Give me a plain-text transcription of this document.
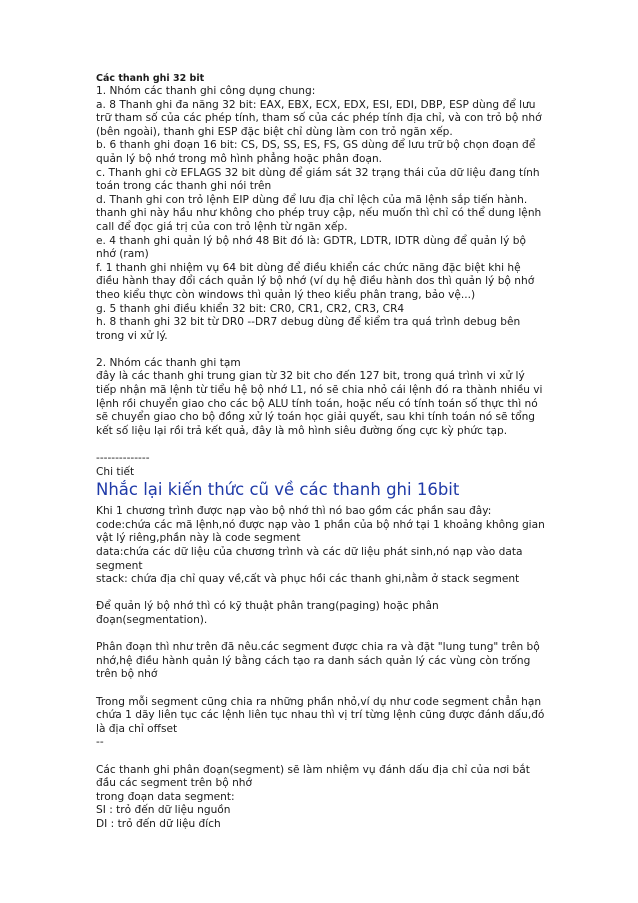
Các thanh ghi 32 bit
1. Nhóm các thanh ghi công dụng chung:
a. 8 Thanh ghi đa năng 32 bit: EAX, EBX, ECX, EDX, ESI, EDI, DBP, ESP dùng để lưu trữ tham số của các phép tính, tham số của các phép tính địa chỉ, và con trỏ bộ nhớ (bên ngoài), thanh ghi ESP đặc biệt chỉ dùng làm con trỏ ngăn xếp.
b. 6 thanh ghi đoạn 16 bit: CS, DS, SS, ES, FS, GS dùng để lưu trữ bộ chọn đoạn để quản lý bộ nhớ trong mô hình phẳng hoặc phân đoạn.
c. Thanh ghi cờ EFLAGS 32 bit dùng để giám sát 32 trạng thái của dữ liệu đang tính toán trong các thanh ghi nói trên
d. Thanh ghi con trỏ lệnh EIP dùng để lưu địa chỉ lệch của mã lệnh sắp tiến hành. thanh ghi này hầu như không cho phép truy cập, nếu muốn thì chỉ có thể dung lệnh call để đọc giá trị của con trỏ lệnh từ ngăn xếp.
e. 4 thanh ghi quản lý bộ nhớ 48 Bit đó là: GDTR, LDTR, IDTR dùng để quản lý bộ nhớ (ram)
f. 1 thanh ghi nhiệm vụ 64 bit dùng để điều khiển các chức năng đặc biệt khi hệ điều hành thay đổi cách quản lý bộ nhớ (ví dụ hệ điều hành dos thì quản lý bộ nhớ theo kiểu thực còn windows thì quản lý theo kiểu phân trang, bảo vệ...)
g. 5 thanh ghi điều khiển 32 bit: CR0, CR1, CR2, CR3, CR4
h. 8 thanh ghi 32 bit từ DR0 --DR7 debug dùng để kiểm tra quá trình debug bên trong vi xử lý.
2. Nhóm các thanh ghi tạm
đây là các thanh ghi trung gian từ 32 bit cho đến 127 bit, trong quá trình vi xử lý tiếp nhận mã lệnh từ tiểu hệ bộ nhớ L1, nó sẽ chia nhỏ cái lệnh đó ra thành nhiều vi lệnh rồi chuyển giao cho các bộ ALU tính toán, hoặc nếu có tính toán số thực thì nó sẽ chuyển giao cho bộ đồng xử lý toán học giải quyết, sau khi tính toán nó sẽ tổng kết số liệu lại rồi trả kết quả, đây là mô hình siêu đường ống cực kỳ phức tạp.
--------------
Chi tiết
Nhắc lại kiến thức cũ về các thanh ghi 16bit
Khi 1 chương trình được nạp vào bộ nhớ thì nó bao gồm các phần sau đây:
code:chứa các mã lệnh,nó được nạp vào 1 phần của bộ nhớ tại 1 khoảng không gian vật lý riêng,phần này là code segment
data:chứa các dữ liệu của chương trình và các dữ liệu phát sinh,nó nạp vào data segment
stack: chứa địa chỉ quay về,cất và phục hồi các thanh ghi,nằm ở stack segment
Để quản lý bộ nhớ thì có kỹ thuật phân trang(paging) hoặc phân đoạn(segmentation).
Phân đoạn thì như trên đã nêu.các segment được chia ra và đặt "lung tung" trên bộ nhớ,hệ điều hành quản lý bằng cách tạo ra danh sách quản lý các vùng còn trống trên bộ nhớ
Trong mỗi segment cũng chia ra những phần nhỏ,ví dụ như code segment chẳn hạn chứa 1 dãy liên tục các lệnh liên tục nhau thì vị trí từng lệnh cũng được đánh dấu,đó là địa chỉ offset
--
Các thanh ghi phân đoạn(segment) sẽ làm nhiệm vụ đánh dấu địa chỉ của nơi bắt đầu các segment trên bộ nhớ
trong đoạn data segment:
SI : trỏ đến dữ liệu nguồn
DI : trỏ đến dữ liệu đích
